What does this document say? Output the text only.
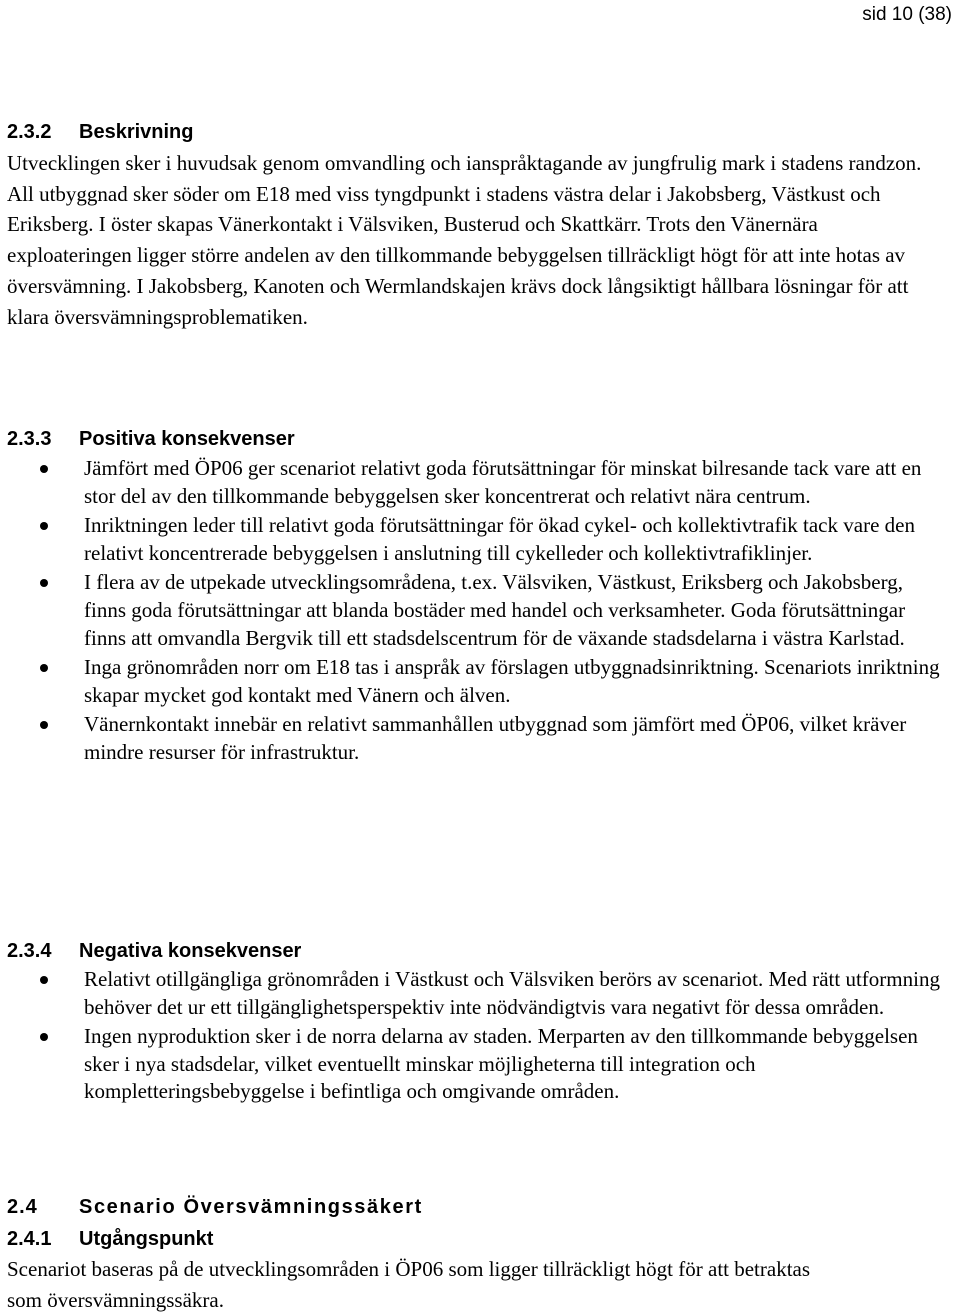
sid 10 (38)
2.3.2 Beskrivning

Utvecklingen sker i huvudsak genom omvandling och ianspråktagande av jungfrulig mark i stadens randzon. All utbyggnad sker söder om E18 med viss tyngdpunkt i stadens västra delar i Jakobsberg, Västkust och Eriksberg. I öster skapas Vänerkontakt i Välsviken, Busterud och Skattkärr. Trots den Vänernära exploateringen ligger större andelen av den tillkommande bebyggelsen tillräckligt högt för att inte hotas av översvämning. I Jakobsberg, Kanoten och Wermlandskajen krävs dock långsiktigt hållbara lösningar för att klara översvämningsproblematiken.

2.3.3 Positiva konsekvenser
Jämfört med ÖP06 ger scenariot relativt goda förutsättningar för minskat bilresande tack vare att en stor del av den tillkommande bebyggelsen sker koncentrerat och relativt nära centrum.
Inriktningen leder till relativt goda förutsättningar för ökad cykel- och kollektivtrafik tack vare den relativt koncentrerade bebyggelsen i anslutning till cykelleder och kollektivtrafiklinjer.
I flera av de utpekade utvecklingsområdena, t.ex. Välsviken, Västkust, Eriksberg och Jakobsberg, finns goda förutsättningar att blanda bostäder med handel och verksamheter. Goda förutsättningar finns att omvandla Bergvik till ett stadsdelscentrum för de växande stadsdelarna i västra Karlstad.
Inga grönområden norr om E18 tas i anspråk av förslagen utbyggnadsinriktning. Scenariots inriktning skapar mycket god kontakt med Vänern och älven.
Vänernkontakt innebär en relativt sammanhållen utbyggnad som jämfört med ÖP06, vilket kräver mindre resurser för infrastruktur.
2.3.4 Negativa konsekvenser
Relativt otillgängliga grönområden i Västkust och Välsviken berörs av scenariot. Med rätt utformning behöver det ur ett tillgänglighetsperspektiv inte nödvändigtvis vara negativt för dessa områden.
Ingen nyproduktion sker i de norra delarna av staden. Merparten av den tillkommande bebyggelsen sker i nya stadsdelar, vilket eventuellt minskar möjligheterna till integration och kompletteringsbebyggelse i befintliga och omgivande områden.
2.4 Scenario Översvämningssäkert
2.4.1 Utgångspunkt

Scenariot baseras på de utvecklingsområden i ÖP06 som ligger tillräckligt högt för att betraktas som översvämningssäkra.
